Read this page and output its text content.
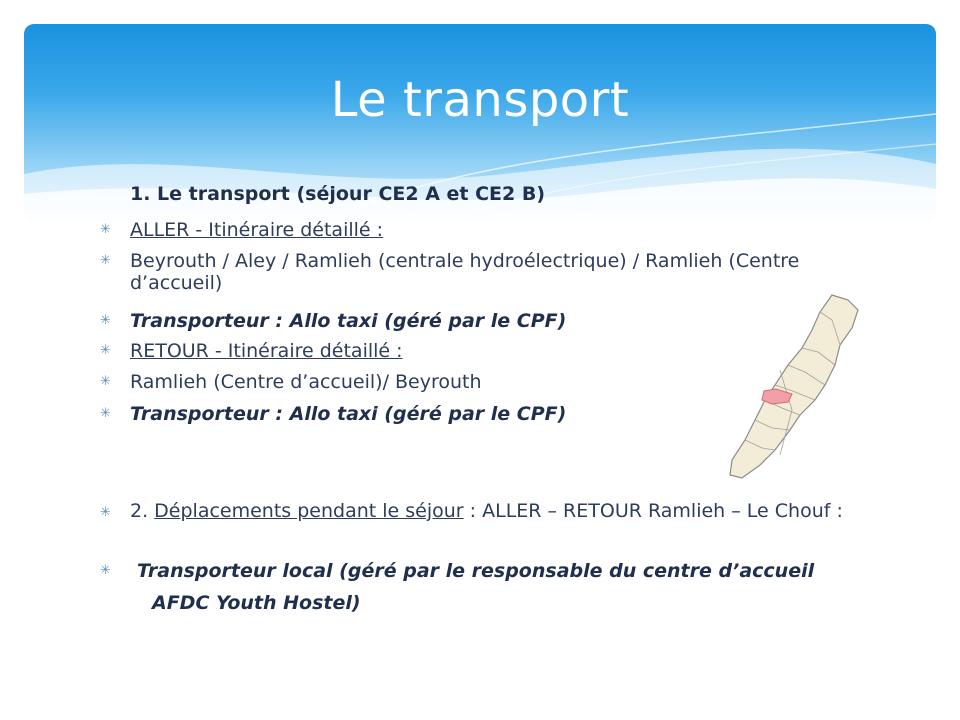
Le transport
1. Le transport (séjour CE2 A et CE2 B)
✳ ALLER - Itinéraire détaillé :
✳ Beyrouth / Aley / Ramlieh (centrale hydroélectrique) / Ramlieh (Centre d’accueil)
✳ Transporteur : Allo taxi (géré par le CPF)
✳ RETOUR - Itinéraire détaillé :
✳ Ramlieh (Centre d’accueil)/ Beyrouth
✳ Transporteur : Allo taxi (géré par le CPF)
✳ 2. Déplacements pendant le séjour : ALLER – RETOUR Ramlieh – Le Chouf :
✳ Transporteur local (géré par le responsable du centre d’accueil
AFDC Youth Hostel)
